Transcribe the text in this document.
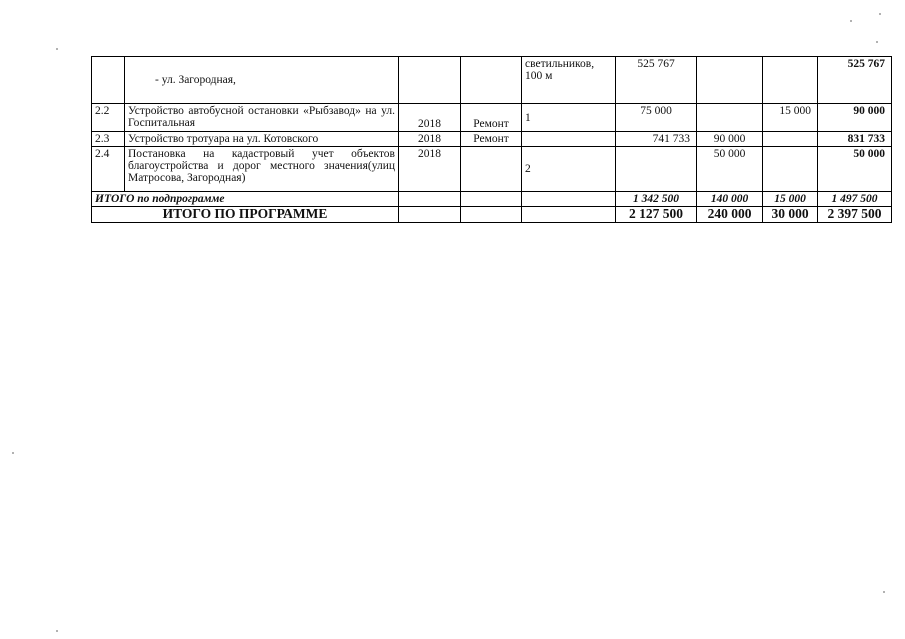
	- ул. Загородная,			светильников, 100 м	525 767			525 767
2.2	Устройство автобусной остановки «Рыбзавод» на ул. Госпитальная	2018	Ремонт	1	75 000		15 000	90 000
2.3	Устройство тротуара на ул. Котовского	2018	Ремонт		741 733	90 000		831 733
2.4	Постановка на кадастровый учет объектов благоустройства и дорог местного значения(улиц Матросова, Загородная)	2018		2		50 000		50 000
ИТОГО по подпрограмме					1 342 500	140 000	15 000	1 497 500
ИТОГО ПО ПРОГРАММЕ					2 127 500	240 000	30 000	2 397 500
